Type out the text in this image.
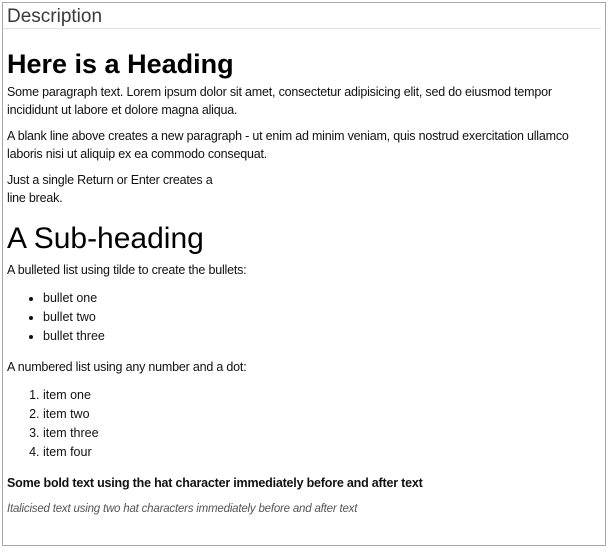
Description
Here is a Heading

Some paragraph text. Lorem ipsum dolor sit amet, consectetur adipisicing elit, sed do eiusmod tempor incididunt ut labore et dolore magna aliqua.

A blank line above creates a new paragraph - ut enim ad minim veniam, quis nostrud exercitation ullamco laboris nisi ut aliquip ex ea commodo consequat.

Just a single Return or Enter creates a
line break.

A Sub-heading

A bulleted list using tilde to create the bullets:

• bullet one
• bullet two
• bullet three

A numbered list using any number and a dot:

1. item one
2. item two
3. item three
4. item four

Some bold text using the hat character immediately before and after text

Italicised text using two hat characters immediately before and after text
